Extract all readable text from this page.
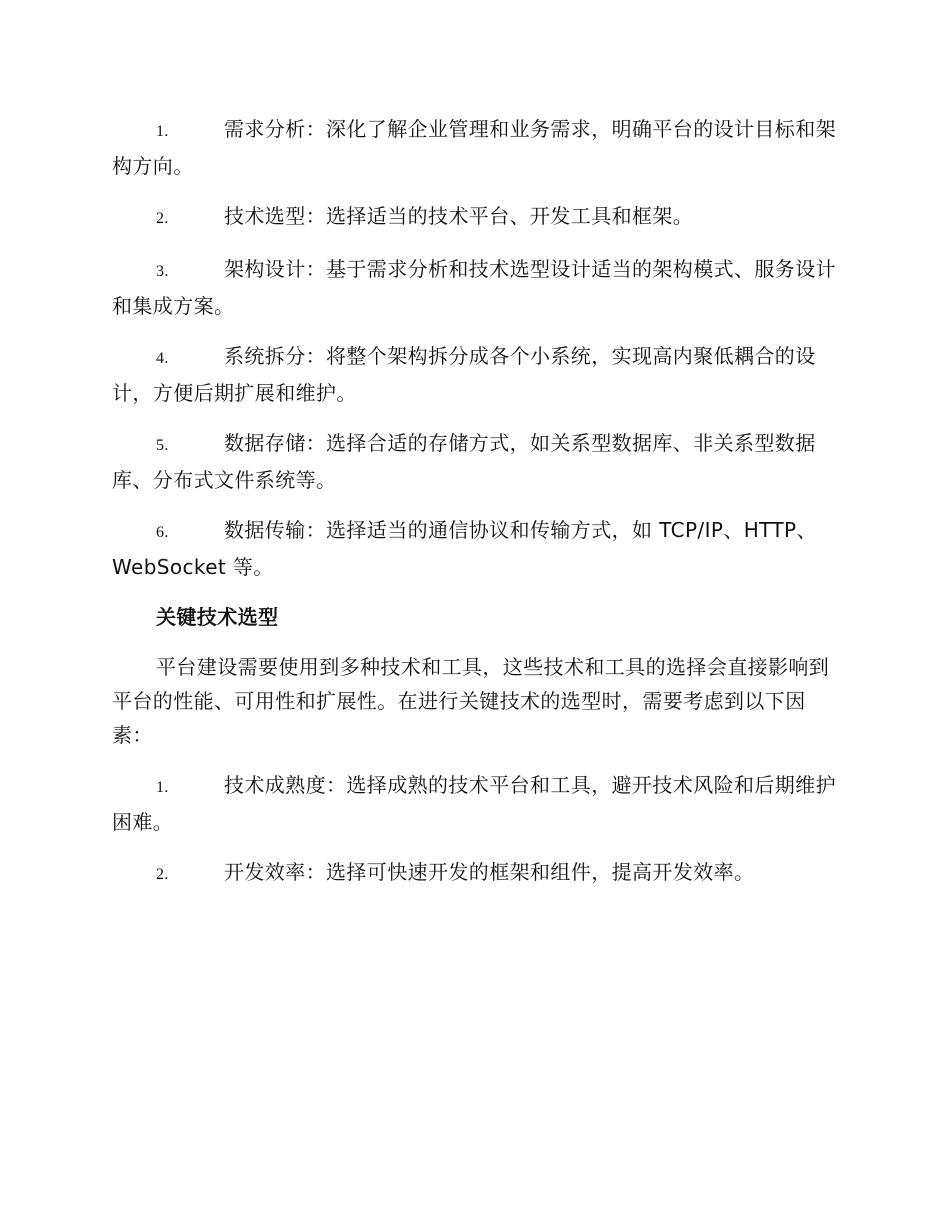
1.	需求分析：深化了解企业管理和业务需求，明确平台的设计目标和架构方向。
2.	技术选型：选择适当的技术平台、开发工具和框架。
3.	架构设计：基于需求分析和技术选型设计适当的架构模式、服务设计和集成方案。
4.	系统拆分：将整个架构拆分成各个小系统，实现高内聚低耦合的设计，方便后期扩展和维护。
5.	数据存储：选择合适的存储方式，如关系型数据库、非关系型数据库、分布式文件系统等。
6.	数据传输：选择适当的通信协议和传输方式，如 TCP/IP、HTTP、WebSocket 等。
关键技术选型
平台建设需要使用到多种技术和工具，这些技术和工具的选择会直接影响到平台的性能、可用性和扩展性。在进行关键技术的选型时，需要考虑到以下因素：
1.	技术成熟度：选择成熟的技术平台和工具，避开技术风险和后期维护困难。
2.	开发效率：选择可快速开发的框架和组件，提高开发效率。
